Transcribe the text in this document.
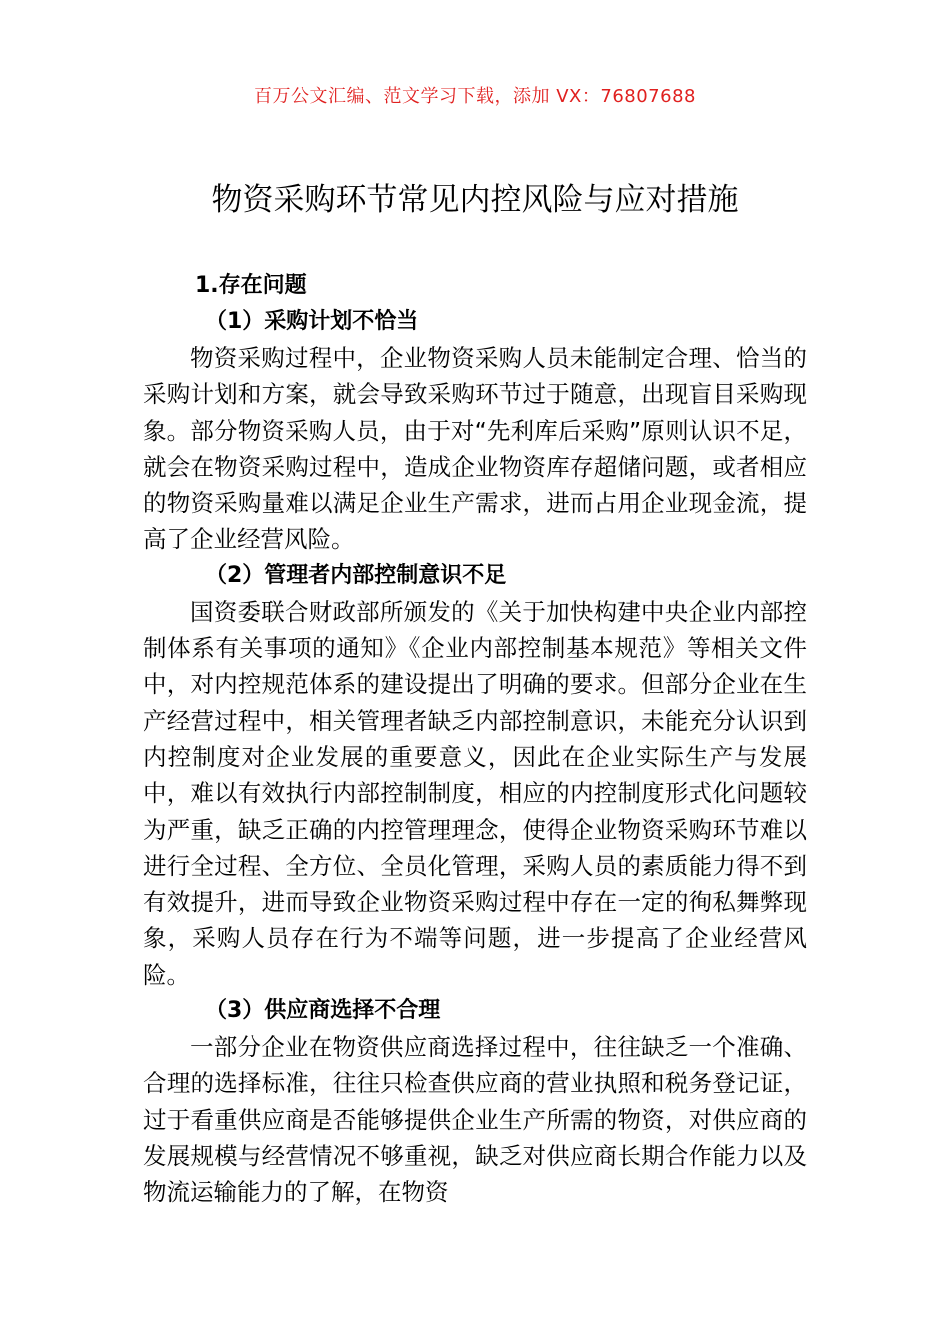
百万公文汇编、范文学习下载，添加 VX：76807688
物资采购环节常见内控风险与应对措施

1.存在问题

（1）采购计划不恰当

物资采购过程中，企业物资采购人员未能制定合理、恰当的采购计划和方案，就会导致采购环节过于随意，出现盲目采购现象。部分物资采购人员，由于对“先利库后采购”原则认识不足，就会在物资采购过程中，造成企业物资库存超储问题，或者相应的物资采购量难以满足企业生产需求，进而占用企业现金流，提高了企业经营风险。

（2）管理者内部控制意识不足

国资委联合财政部所颁发的《关于加快构建中央企业内部控制体系有关事项的通知》《企业内部控制基本规范》等相关文件中，对内控规范体系的建设提出了明确的要求。但部分企业在生产经营过程中，相关管理者缺乏内部控制意识，未能充分认识到内控制度对企业发展的重要意义，因此在企业实际生产与发展中，难以有效执行内部控制制度，相应的内控制度形式化问题较为严重，缺乏正确的内控管理理念，使得企业物资采购环节难以进行全过程、全方位、全员化管理，采购人员的素质能力得不到有效提升，进而导致企业物资采购过程中存在一定的徇私舞弊现象，采购人员存在行为不端等问题，进一步提高了企业经营风险。

（3）供应商选择不合理

一部分企业在物资供应商选择过程中，往往缺乏一个准确、合理的选择标准，往往只检查供应商的营业执照和税务登记证，过于看重供应商是否能够提供企业生产所需的物资，对供应商的发展规模与经营情况不够重视，缺乏对供应商长期合作能力以及物流运输能力的了解，在物资
